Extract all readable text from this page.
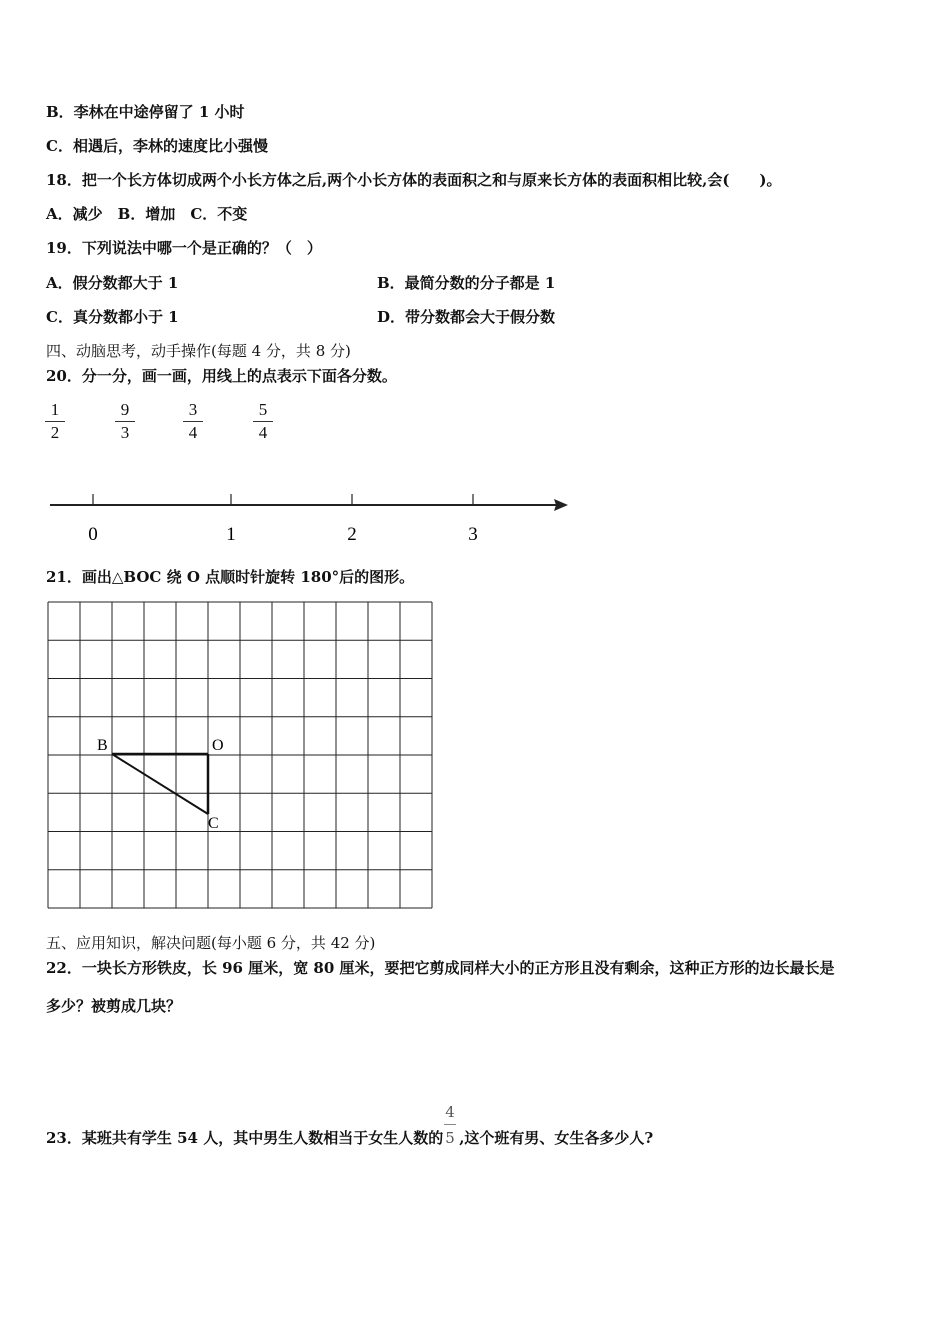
B．李林在中途停留了 1 小时
C．相遇后，李林的速度比小强慢
18．把一个长方体切成两个小长方体之后,两个小长方体的表面积之和与原来长方体的表面积相比较,会(　　)。
A．减少　B．增加　C．不变
19．下列说法中哪一个是正确的？（　）
A．假分数都大于 1	B．最简分数的分子都是 1
C．真分数都小于 1	D．带分数都会大于假分数
四、动脑思考，动手操作(每题 4 分，共 8 分)
20．分一分，画一画，用线上的点表示下面各分数。
1
2
9
3
3
4
5
4
0	1	2	3
21．画出△BOC 绕 O 点顺时针旋转 180°后的图形。
B	O
C
五、应用知识，解决问题(每小题 6 分，共 42 分)
22．一块长方形铁皮，长 96 厘米，宽 80 厘米，要把它剪成同样大小的正方形且没有剩余，这种正方形的边长最长是
多少？被剪成几块？
23．某班共有学生 54 人，其中男生人数相当于女生人数的 $\frac{4}{5}$ ,这个班有男、女生各多少人?
